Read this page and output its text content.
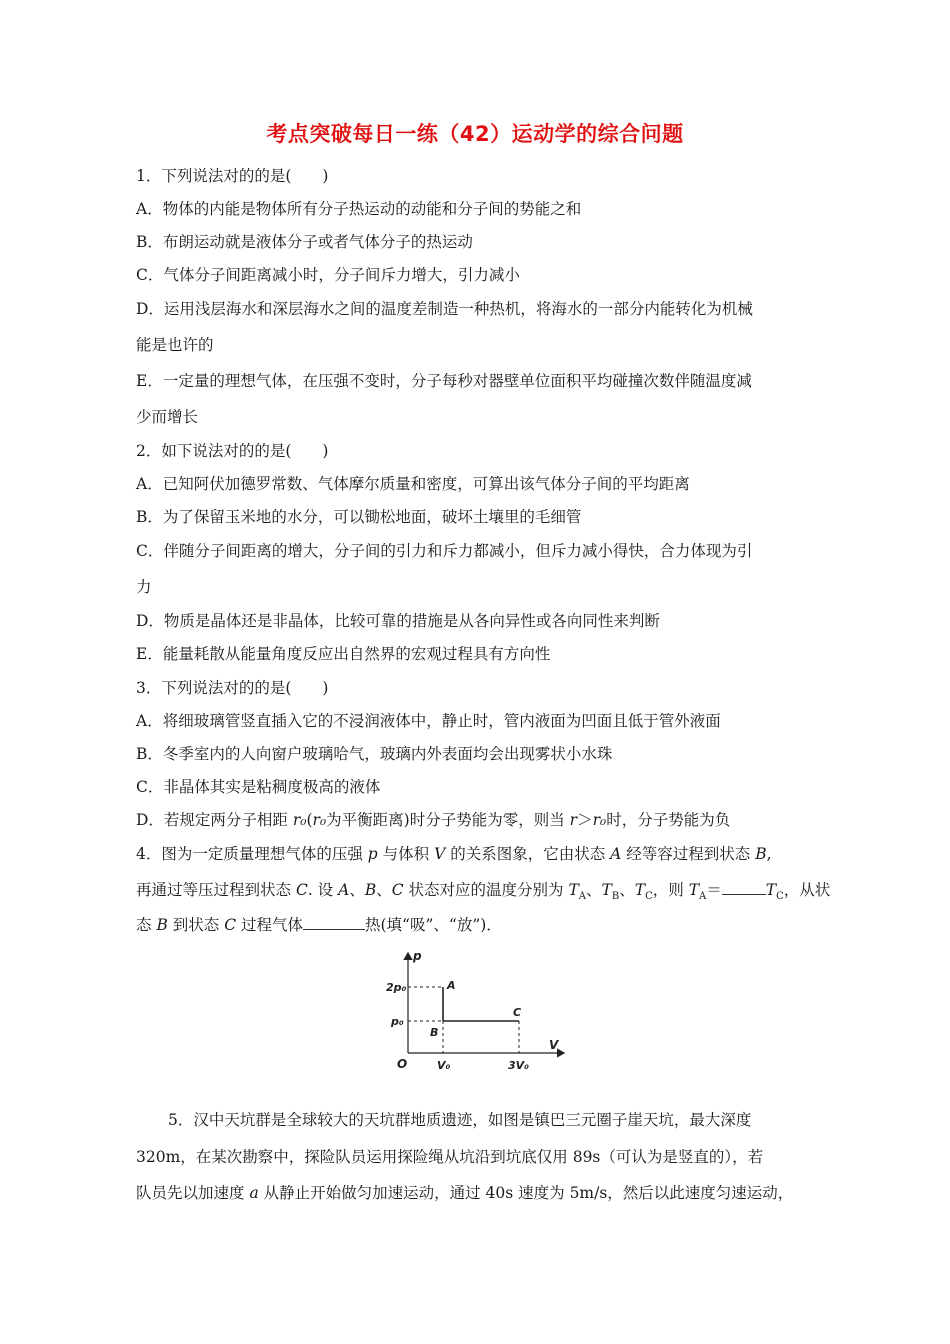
考点突破每日一练（42）运动学的综合问题
1．下列说法对的的是(　　)
A．物体的内能是物体所有分子热运动的动能和分子间的势能之和
B．布朗运动就是液体分子或者气体分子的热运动
C．气体分子间距离减小时，分子间斥力增大，引力减小
D．运用浅层海水和深层海水之间的温度差制造一种热机，将海水的一部分内能转化为机械
能是也许的
E．一定量的理想气体，在压强不变时，分子每秒对器壁单位面积平均碰撞次数伴随温度减
少而增长
2．如下说法对的的是(　　)
A．已知阿伏加德罗常数、气体摩尔质量和密度，可算出该气体分子间的平均距离
B．为了保留玉米地的水分，可以锄松地面，破坏土壤里的毛细管
C．伴随分子间距离的增大，分子间的引力和斥力都减小，但斥力减小得快，合力体现为引
力
D．物质是晶体还是非晶体，比较可靠的措施是从各向异性或各向同性来判断
E．能量耗散从能量角度反应出自然界的宏观过程具有方向性
3．下列说法对的的是(　　)
A．将细玻璃管竖直插入它的不浸润液体中，静止时，管内液面为凹面且低于管外液面
B．冬季室内的人向窗户玻璃哈气，玻璃内外表面均会出现雾状小水珠
C．非晶体其实是粘稠度极高的液体
D．若规定两分子相距 r₀(r₀为平衡距离)时分子势能为零，则当 r＞r₀时，分子势能为负
4．图为一定质量理想气体的压强 p 与体积 V 的关系图象，它由状态 A 经等容过程到状态 B,
再通过等压过程到状态 C. 设 A、B、C 状态对应的温度分别为 $T_A$、$T_B$、$T_C$，则 $T_A=$	$T_C$，从状
态 B 到状态 C 过程气体	热(填“吸”、“放”)．
p
V
O
2p₀
p₀
V₀	3V₀
A
B
C
5．汉中天坑群是全球较大的天坑群地质遗迹，如图是镇巴三元圈子崖天坑，最大深度
320m，在某次勘察中，探险队员运用探险绳从坑沿到坑底仅用 89s（可认为是竖直的），若
队员先以加速度 a 从静止开始做匀加速运动，通过 40s 速度为 5m/s，然后以此速度匀速运动，
